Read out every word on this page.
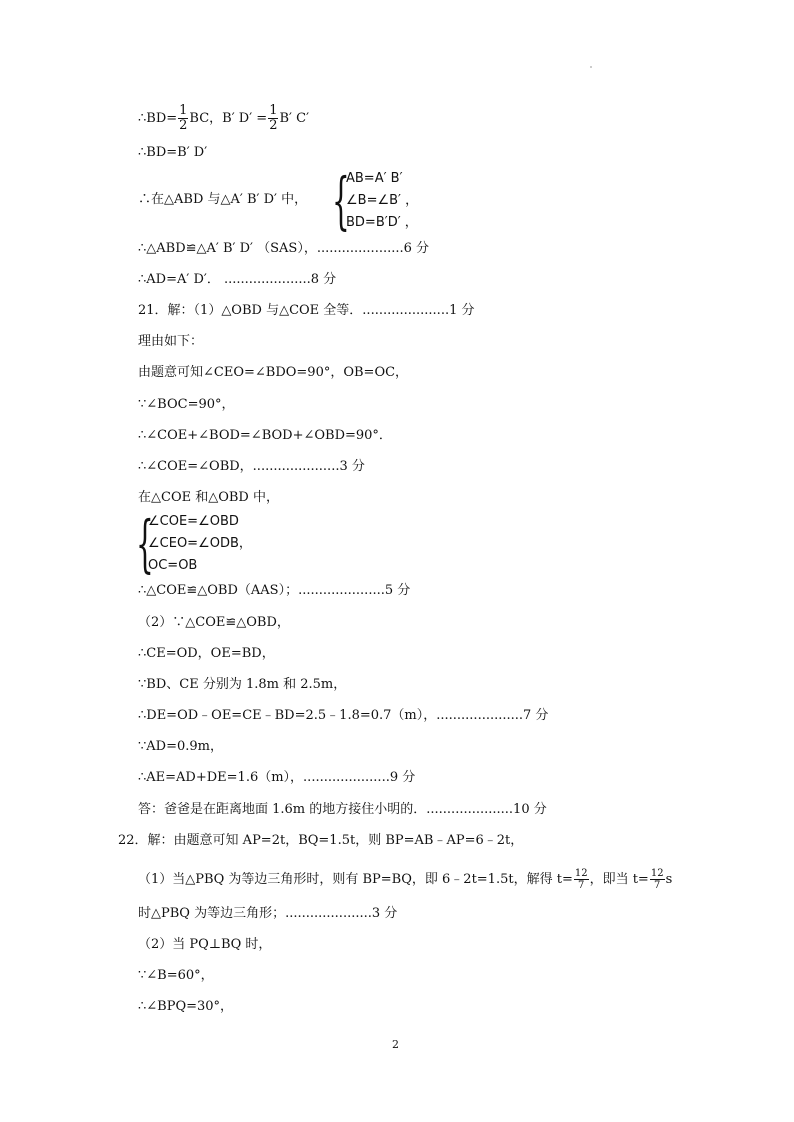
∴BD= $\frac{1}{2}$ BC，B′ $D' = \frac{1}{2} B'$ C′
∴BD=B′ D′
∴在△ABD 与△A′ B′ D′ 中， {
AB=A′ B′
∠B=∠B′ ，
BD=B′D′ ，
∴△ABD≌△A′ B′ D′ （SAS），.....................6 分
∴AD=A′ D′． .....................8 分
21．解：（1）△OBD 与△COE 全等．.....................1 分
理由如下：
由题意可知∠CEO=∠BDO=90°，OB=OC，
∵∠BOC=90°，
∴∠COE+∠BOD=∠BOD+∠OBD=90°．
∴∠COE=∠OBD，.....................3 分
在△COE 和△OBD 中，
{
∠COE=∠OBD
∠CEO=∠ODB，
OC=OB
∴△COE≌△OBD（AAS）；.....................5 分
（2）∵△COE≌△OBD，
∴CE=OD，OE=BD，
∵BD、CE 分别为 1.8m 和 2.5m，
∴DE=OD﹣OE=CE﹣BD=2.5﹣1.8=0.7（m），.....................7 分
∵AD=0.9m，
∴AE=AD+DE=1.6（m），.....................9 分
答：爸爸是在距离地面 1.6m 的地方接住小明的．.....................10 分
22．解：由题意可知 AP=2t，BQ=1.5t，则 BP=AB﹣AP=6﹣2t，
（1）当△PBQ 为等边三角形时，则有 BP=BQ，即 6﹣2t=1.5t，解得 $t= \frac{12}{7}$ ，即当 $t= \frac{12}{7}$ s
时△PBQ 为等边三角形；.....................3 分
（2）当 PQ⊥BQ 时，
∵∠B=60°，
∴∠BPQ=30°，
2
